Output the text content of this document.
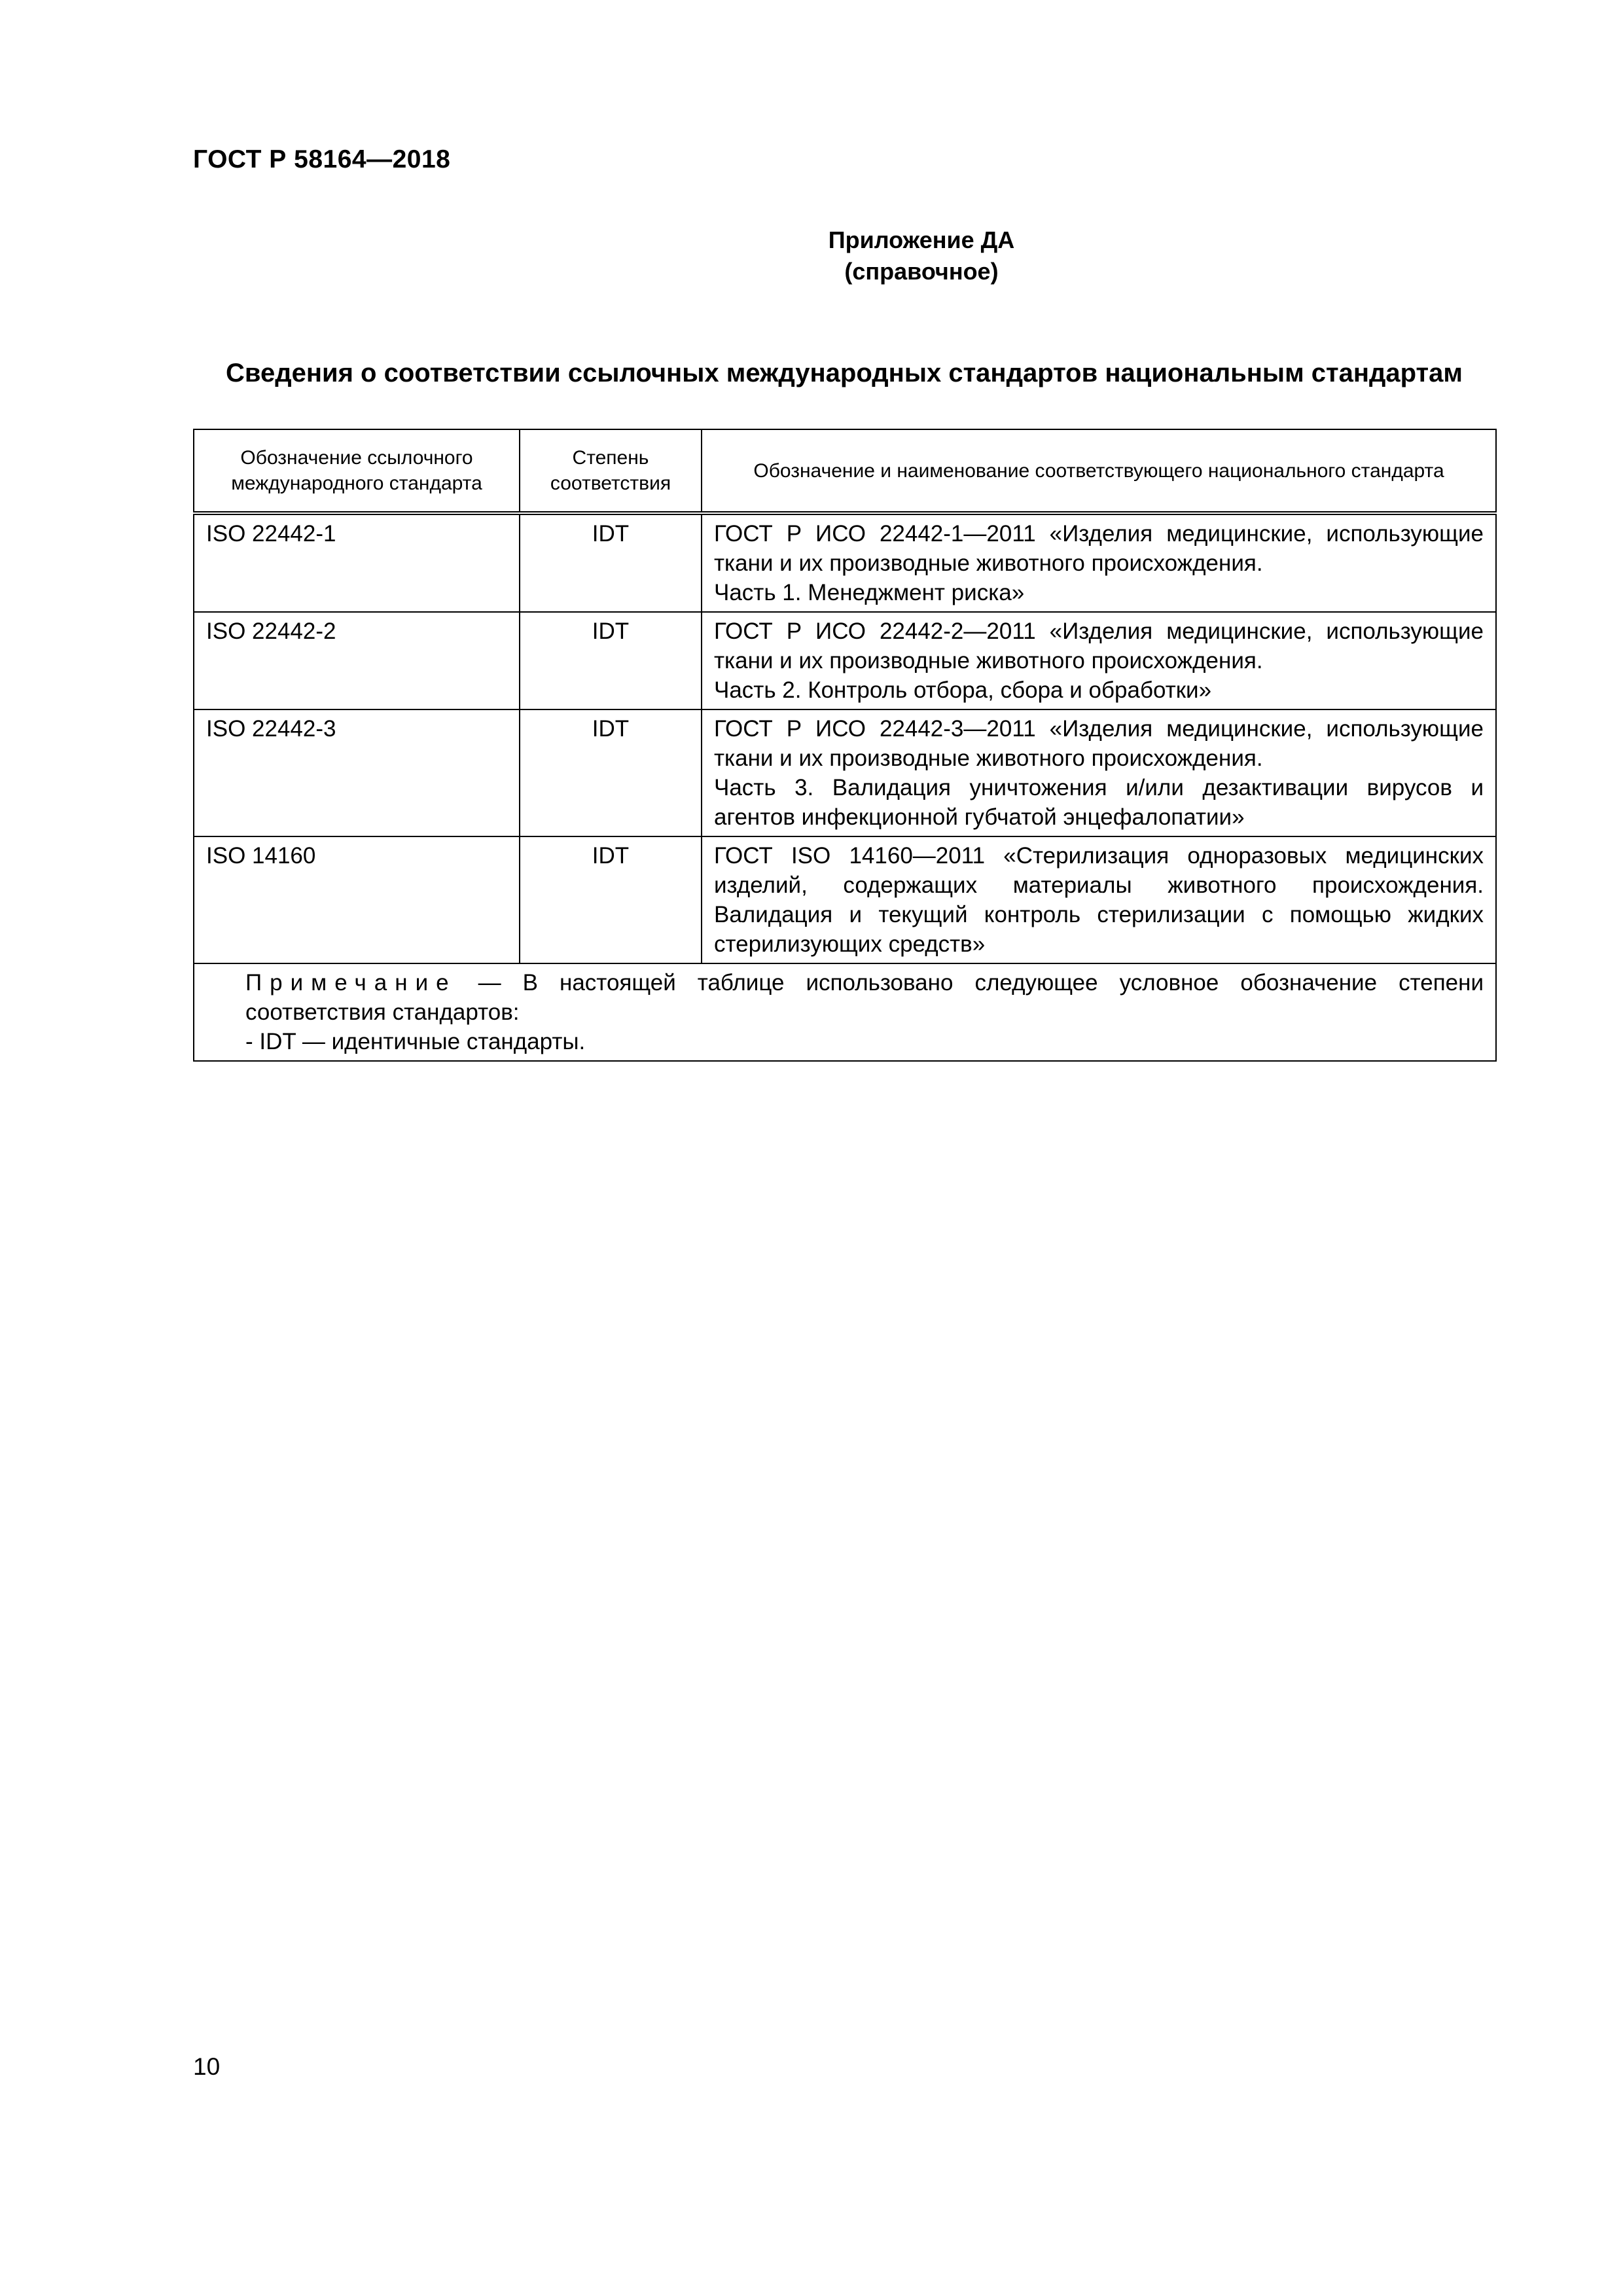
ГОСТ Р 58164—2018
Приложение ДА
(справочное)
Сведения о соответствии ссылочных международных стандартов национальным стандартам
Обозначение ссылочного международного стандарта	Степень соответствия	Обозначение и наименование соответствующего национального стандарта
ISO 22442-1	IDT	ГОСТ Р ИСО 22442-1—2011 «Изделия медицинские, использующие ткани и их производные животного происхождения.
Часть 1. Менеджмент риска»

ISO 22442-2	IDT	ГОСТ Р ИСО 22442-2—2011 «Изделия медицинские, использующие ткани и их производные животного происхождения.
Часть 2. Контроль отбора, сбора и обработки»

ISO 22442-3	IDT	ГОСТ Р ИСО 22442-3—2011 «Изделия медицинские, использующие ткани и их производные животного происхождения.
Часть 3. Валидация уничтожения и/или дезактивации вирусов и агентов инфекционной губчатой энцефалопатии»

ISO 14160	IDT	ГОСТ ISO 14160—2011 «Стерилизация одноразовых медицинских изделий, содержащих материалы животного происхождения. Валидация и текущий контроль стерилизации с помощью жидких стерилизующих средств»

Примечание — В настоящей таблице использовано следующее условное обозначение степени соответствия стандартов:
- IDT — идентичные стандарты.		
10
